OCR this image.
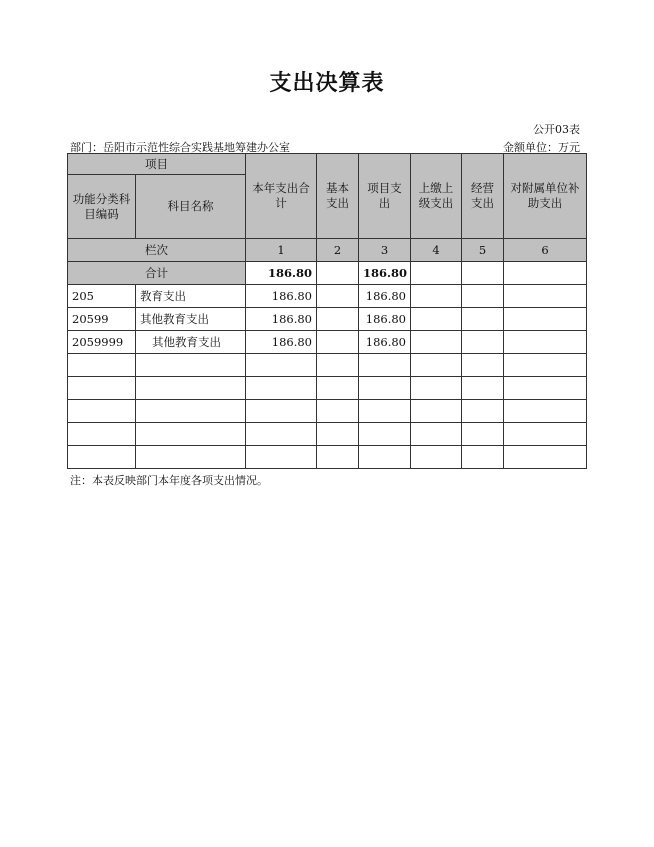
支出决算表
公开03表
部门：岳阳市示范性综合实践基地筹建办公室	金额单位：万元
项目		本年支出合计	基本支出	项目支出	上缴上级支出	经营支出	对附属单位补助支出
功能分类科目编码	科目名称						
栏次		1	2	3	4	5	6
合计		186.80		186.80			
205	教育支出	186.80		186.80			
20599	其他教育支出	186.80		186.80			
2059999	其他教育支出	186.80		186.80			

注：本表反映部门本年度各项支出情况。
